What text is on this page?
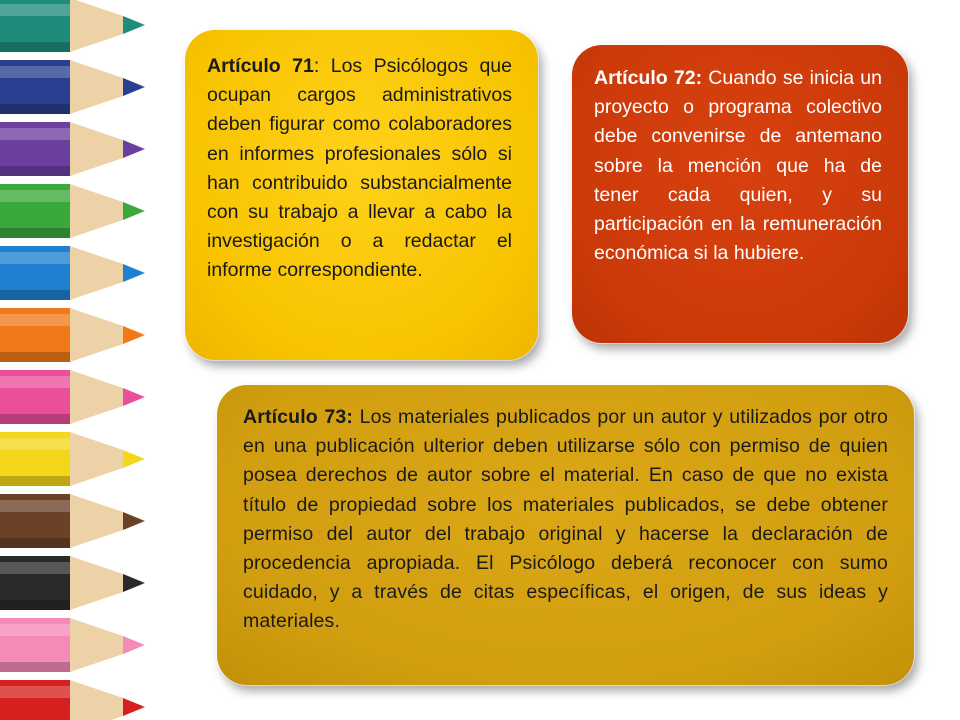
Artículo 71: Los Psicólogos que ocupan cargos administrativos deben figurar como colaboradores en informes profesionales sólo si han contribuido substancialmente con su trabajo a llevar a cabo la investigación o a redactar el informe correspondiente.

Artículo 72: Cuando se inicia un proyecto o programa colectivo debe convenirse de antemano sobre la mención que ha de tener cada quien, y su participación en la remuneración económica si la hubiere.

Artículo 73: Los materiales publicados por un autor y utilizados por otro en una publicación ulterior deben utilizarse sólo con permiso de quien posea derechos de autor sobre el material. En caso de que no exista título de propiedad sobre los materiales publicados, se debe obtener permiso del autor del trabajo original y hacerse la declaración de procedencia apropiada. El Psicólogo deberá reconocer con sumo cuidado, y a través de citas específicas, el origen, de sus ideas y materiales.
